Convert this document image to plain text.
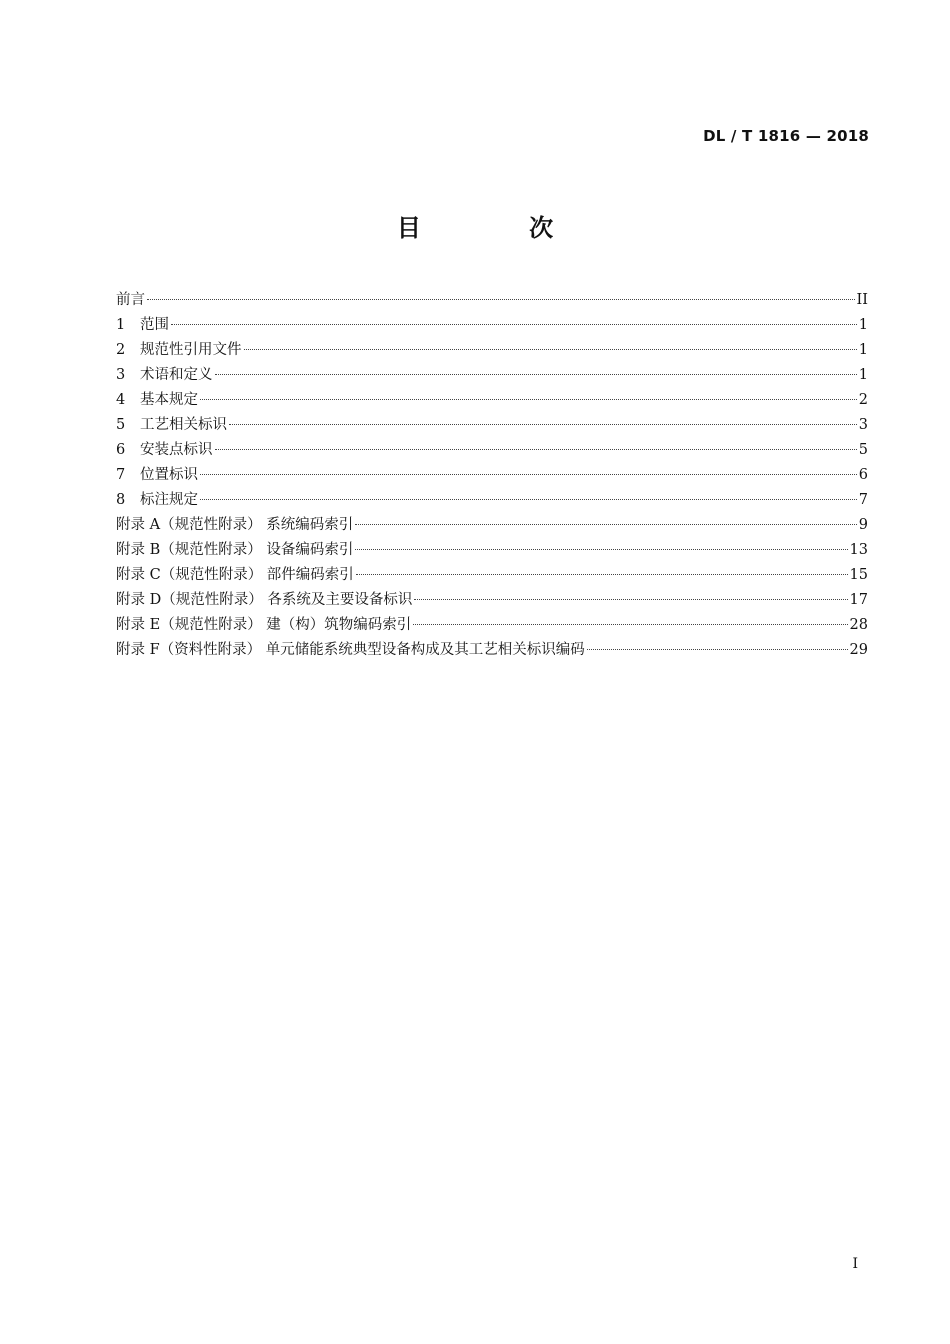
DL / T 1816 — 2018
目 次
前言	II
1	范围	1
2	规范性引用文件	1
3	术语和定义	1
4	基本规定	2
5	工艺相关标识	3
6	安装点标识	5
7	位置标识	6
8	标注规定	7
附录 A（规范性附录） 系统编码索引	9
附录 B（规范性附录） 设备编码索引	13
附录 C（规范性附录） 部件编码索引	15
附录 D（规范性附录） 各系统及主要设备标识	17
附录 E（规范性附录） 建（构）筑物编码索引	28
附录 F（资料性附录） 单元储能系统典型设备构成及其工艺相关标识编码	29
I
